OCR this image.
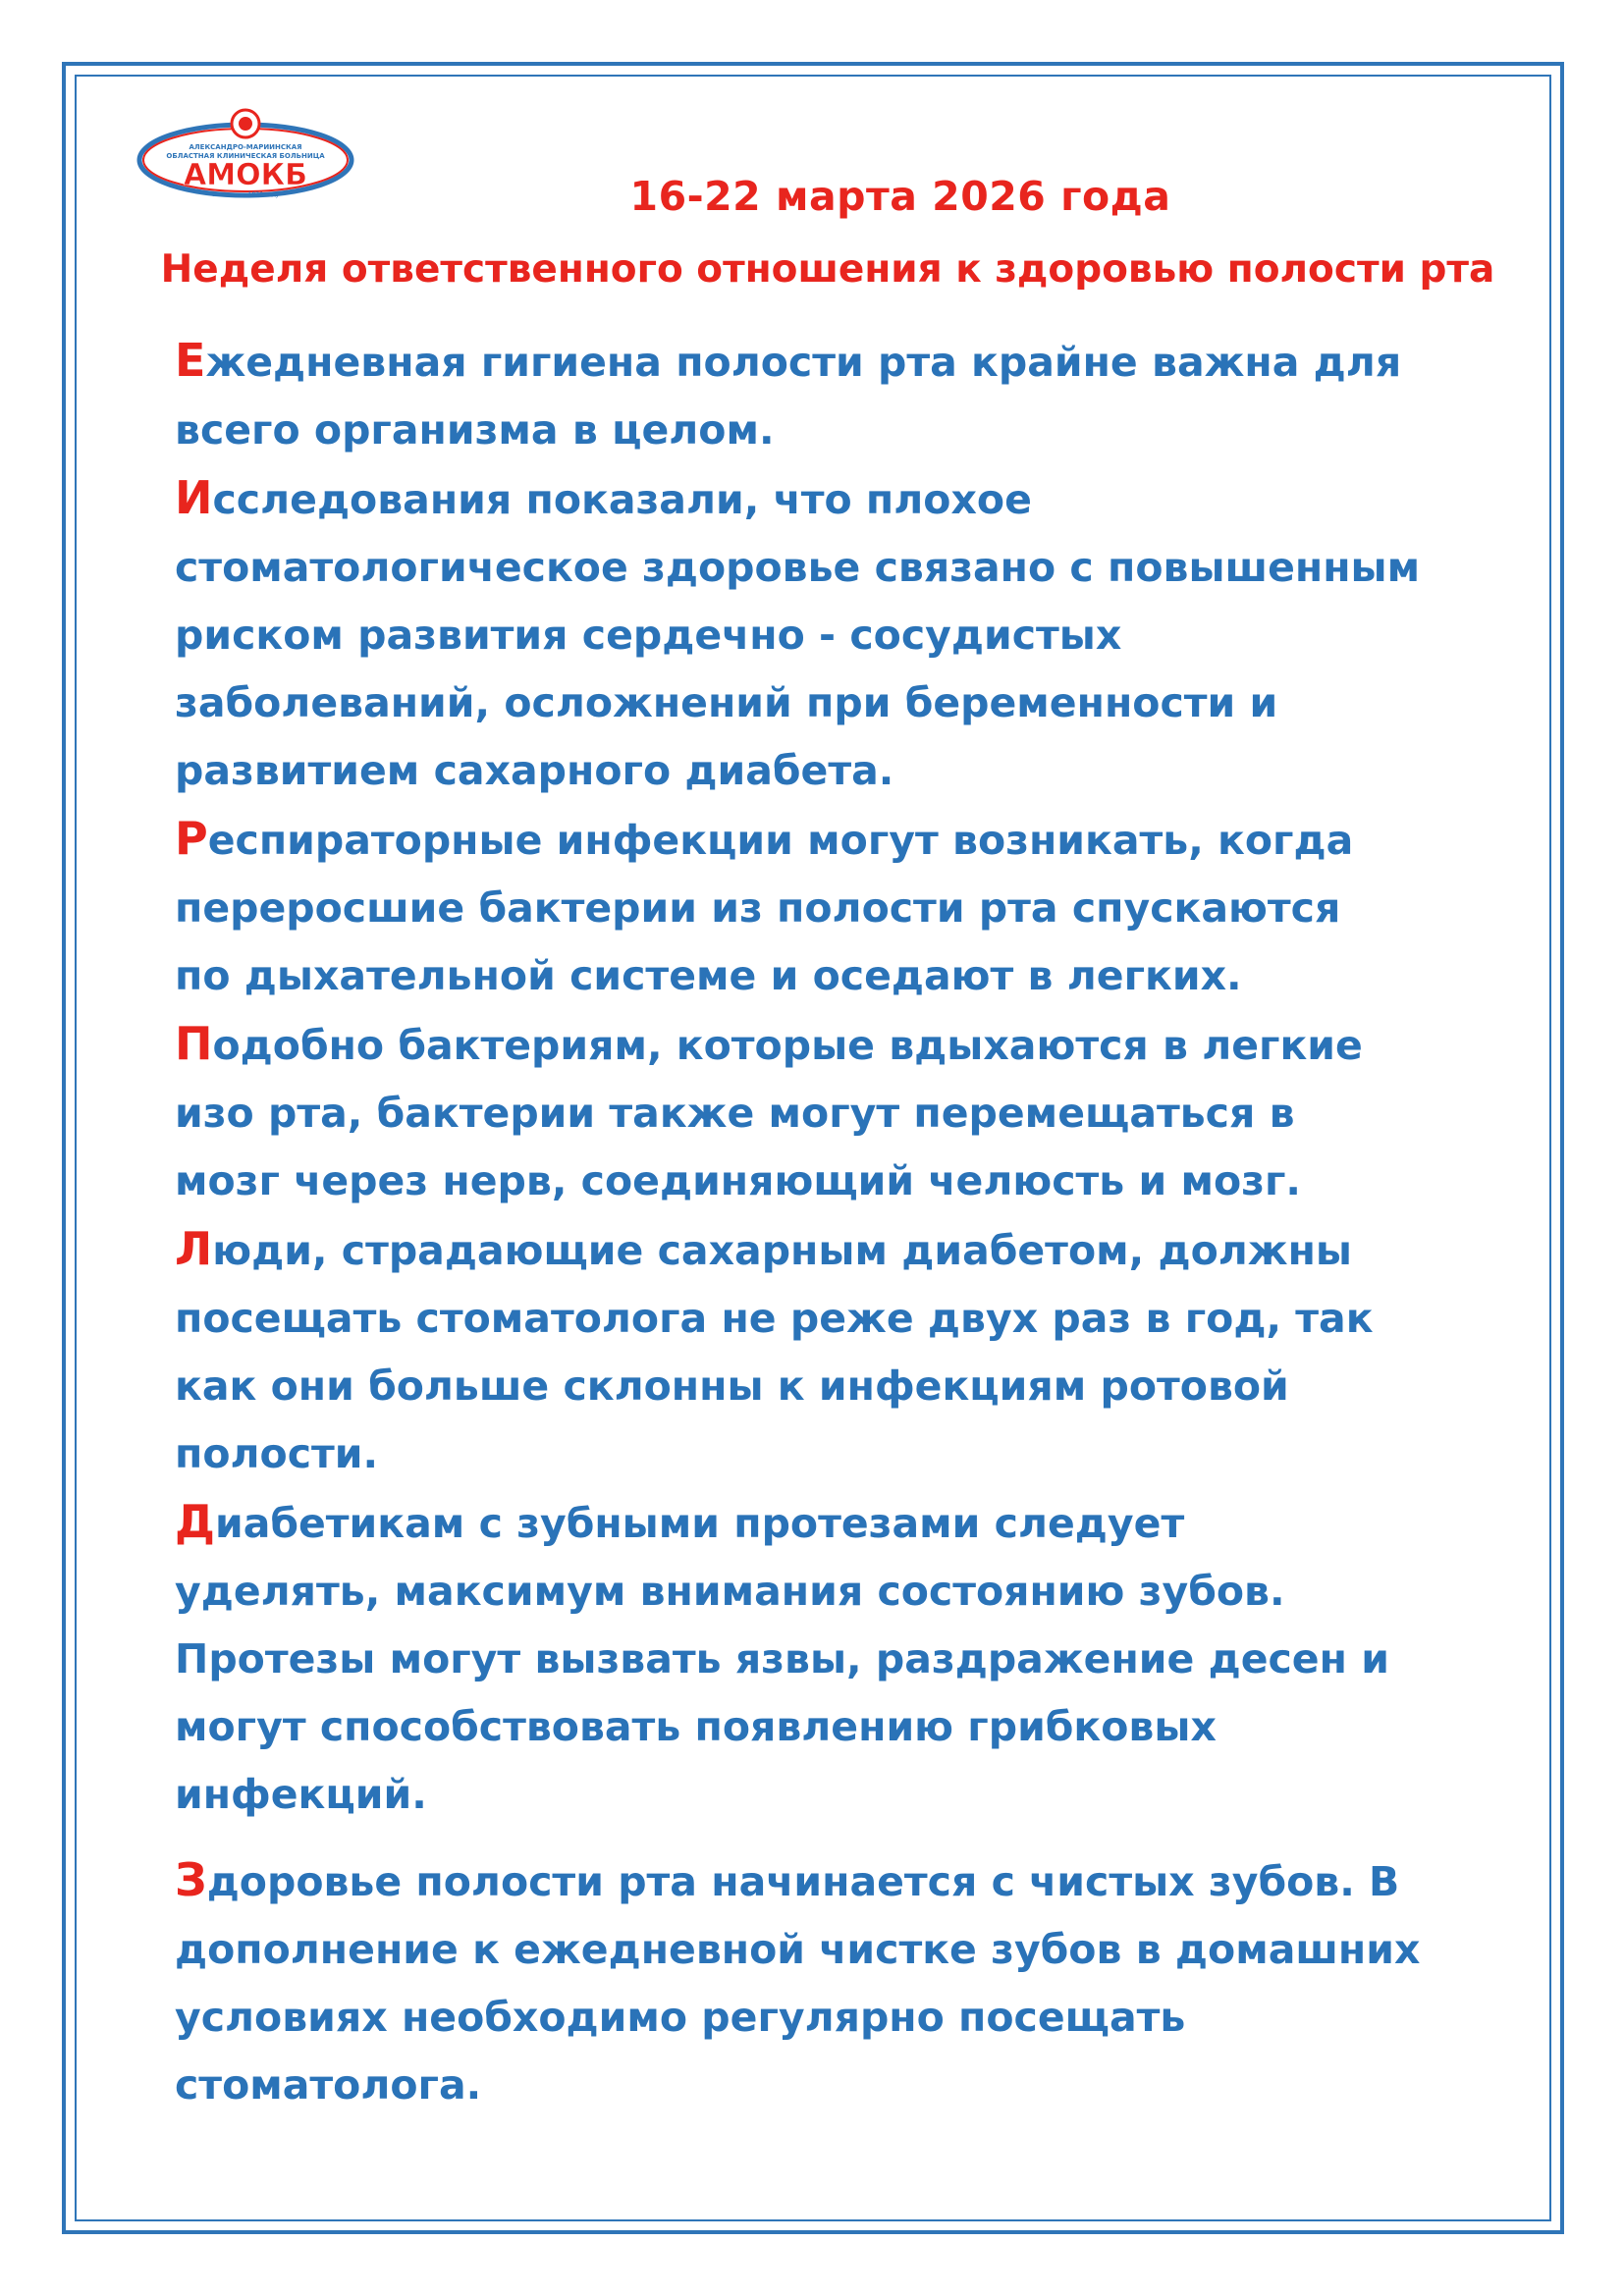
АЛЕКСАНДРО-МАРИИНСКАЯ
ОБЛАСТНАЯ КЛИНИЧЕСКАЯ БОЛЬНИЦА
АМОКБ
основана в 1876 году	16-22 марта 2026 года
Неделя ответственного отношения к здоровью полости рта
Ежедневная гигиена полости рта крайне важна для
всего организма в целом.
Исследования показали, что плохое
стоматологическое здоровье связано с повышенным
риском развития сердечно - сосудистых
заболеваний, осложнений при беременности и
развитием сахарного диабета.
Респираторные инфекции могут возникать, когда
переросшие бактерии из полости рта спускаются
по дыхательной системе и оседают в легких.
Подобно бактериям, которые вдыхаются в легкие
изо рта, бактерии также могут перемещаться в
мозг через нерв, соединяющий челюсть и мозг.
Люди, страдающие сахарным диабетом, должны
посещать стоматолога не реже двух раз в год, так
как они больше склонны к инфекциям ротовой
полости.
Диабетикам с зубными протезами следует
уделять, максимум внимания состоянию зубов.
Протезы могут вызвать язвы, раздражение десен и
могут способствовать появлению грибковых
инфекций.
Здоровье полости рта начинается с чистых зубов. В
дополнение к ежедневной чистке зубов в домашних
условиях необходимо регулярно посещать
стоматолога.
